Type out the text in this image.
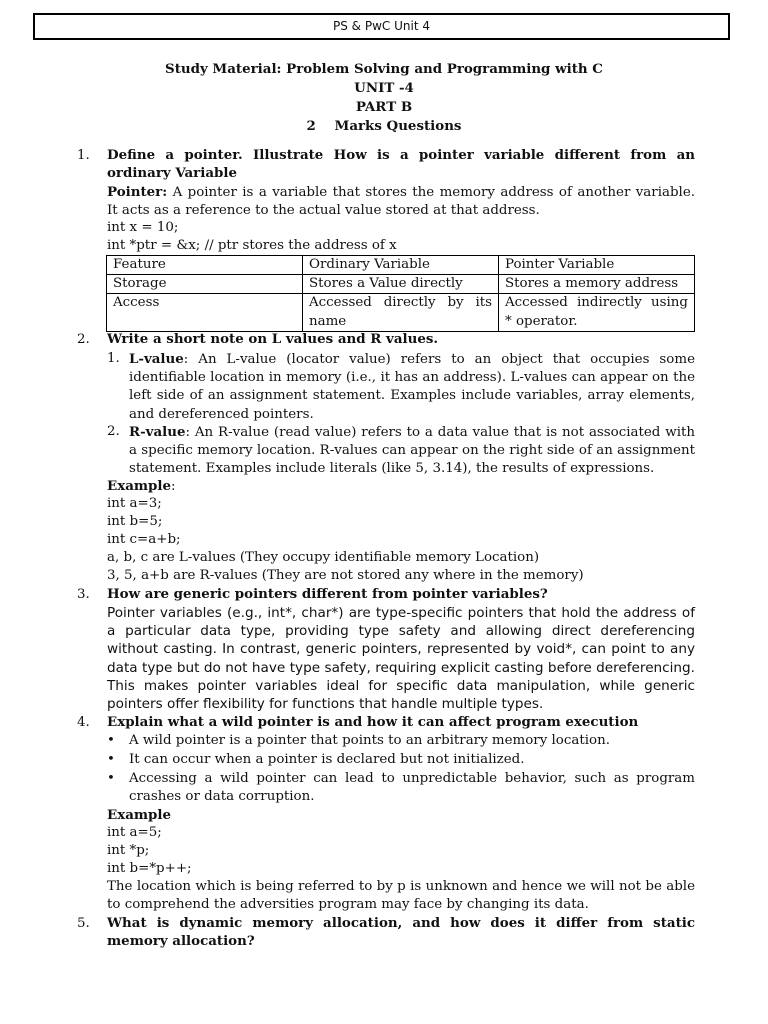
PS & PwC Unit 4
Study Material: Problem Solving and Programming with C
UNIT -4
PART B
2    Marks Questions
1. Define a pointer. Illustrate How is a pointer variable different from an ordinary Variable
Pointer: A pointer is a variable that stores the memory address of another variable. It acts as a reference to the actual value stored at that address.
int x = 10;
int *ptr = &x; // ptr stores the address of x
Feature	Ordinary Variable	Pointer Variable
Storage	Stores a Value directly	Stores a memory address
Access	Accessed directly by its name	Accessed indirectly using * operator.
2. Write a short note on L values and R values.
1. L-value: An L-value (locator value) refers to an object that occupies some identifiable location in memory (i.e., it has an address). L-values can appear on the left side of an assignment statement. Examples include variables, array elements, and dereferenced pointers.
2. R-value: An R-value (read value) refers to a data value that is not associated with a specific memory location. R-values can appear on the right side of an assignment statement. Examples include literals (like 5, 3.14), the results of expressions.
Example:
int a=3;
int b=5;
int c=a+b;
a, b, c are L-values (They occupy identifiable memory Location)
3, 5, a+b are R-values (They are not stored any where in the memory)
3. How are generic pointers different from pointer variables?
Pointer variables (e.g., int*, char*) are type-specific pointers that hold the address of a particular data type, providing type safety and allowing direct dereferencing without casting. In contrast, generic pointers, represented by void*, can point to any data type but do not have type safety, requiring explicit casting before dereferencing. This makes pointer variables ideal for specific data manipulation, while generic pointers offer flexibility for functions that handle multiple types.
4. Explain what a wild pointer is and how it can affect program execution
• A wild pointer is a pointer that points to an arbitrary memory location.
• It can occur when a pointer is declared but not initialized.
• Accessing a wild pointer can lead to unpredictable behavior, such as program crashes or data corruption.
Example
int a=5;
int *p;
int b=*p++;
The location which is being referred to by p is unknown and hence we will not be able to comprehend the adversities program may face by changing its data.
5. What is dynamic memory allocation, and how does it differ from static memory allocation?
